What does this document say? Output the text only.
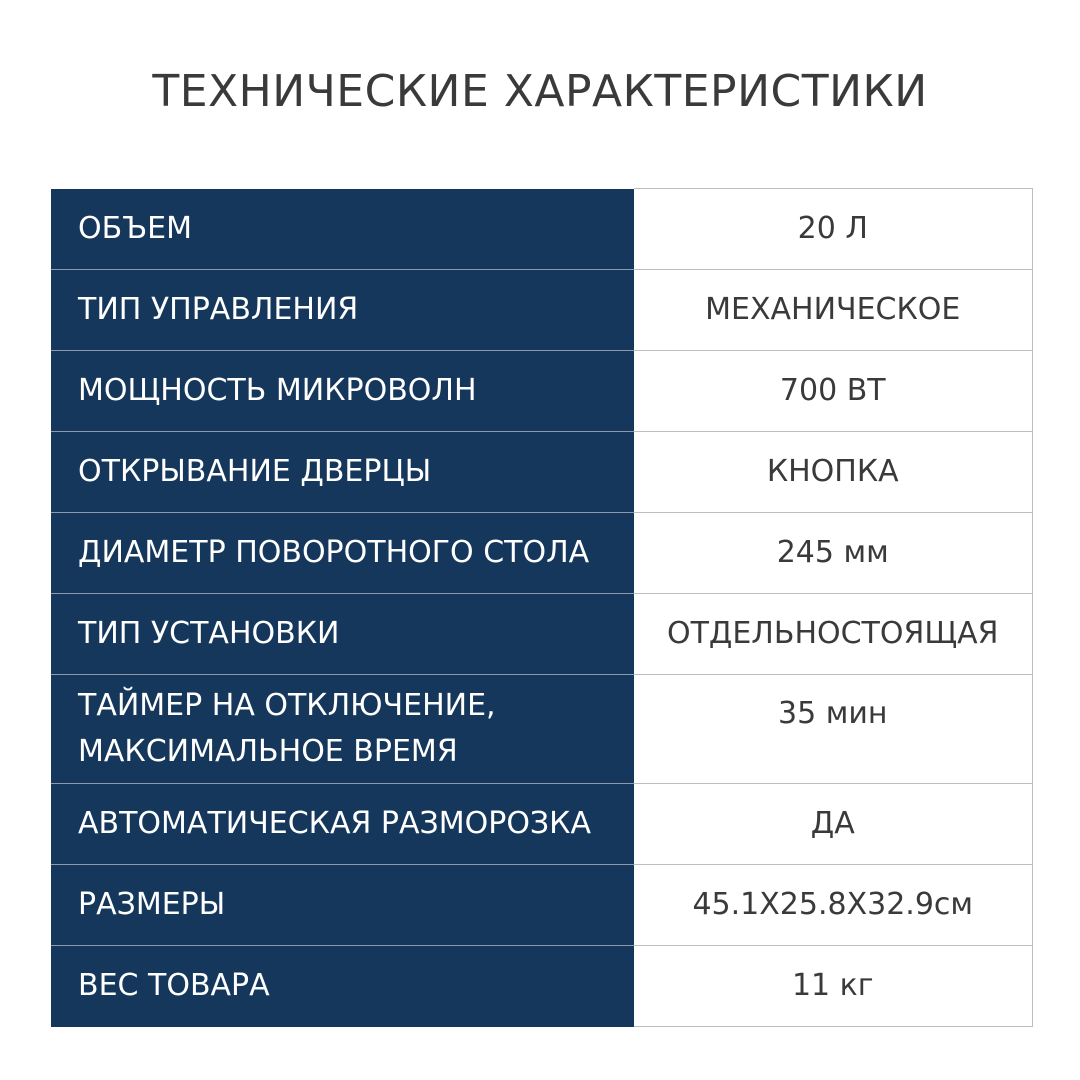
ТЕХНИЧЕСКИЕ ХАРАКТЕРИСТИКИ
ОБЪЕМ	20 Л
ТИП УПРАВЛЕНИЯ	МЕХАНИЧЕСКОЕ
МОЩНОСТЬ МИКРОВОЛН	700 ВТ
ОТКРЫВАНИЕ ДВЕРЦЫ	КНОПКА
ДИАМЕТР ПОВОРОТНОГО СТОЛА	245 мм
ТИП УСТАНОВКИ	ОТДЕЛЬНОСТОЯЩАЯ

ТАЙМЕР НА ОТКЛЮЧЕНИЕ,
МАКСИМАЛЬНОЕ ВРЕМЯ	35 мин
АВТОМАТИЧЕСКАЯ РАЗМОРОЗКА	ДА
РАЗМЕРЫ	45.1Х25.8Х32.9см
ВЕС ТОВАРА	11 кг
